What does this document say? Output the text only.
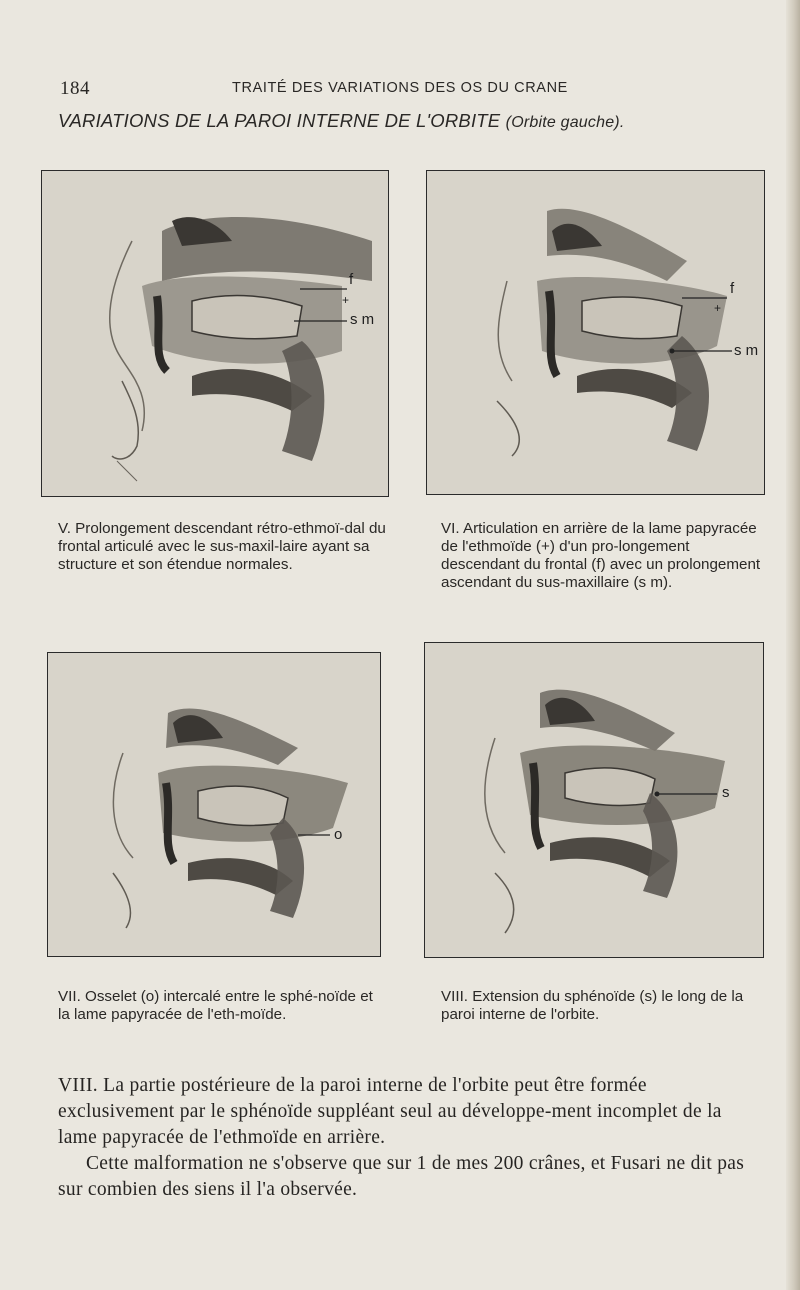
184	TRAITÉ DES VARIATIONS DES OS DU CRANE
VARIATIONS DE LA PAROI INTERNE DE L'ORBITE (Orbite gauche).
f
+
s m
V. Prolongement descendant rétro-ethmoï-dal du frontal articulé avec le sus-maxil-laire ayant sa structure et son étendue normales.
f
+
s m
VI. Articulation en arrière de la lame papyracée de l'ethmoïde (+) d'un pro-longement descendant du frontal (f) avec un prolongement ascendant du sus-maxillaire (s m).
o
VII. Osselet (o) intercalé entre le sphé-noïde et la lame papyracée de l'eth-moïde.
s
VIII. Extension du sphénoïde (s) le long de la paroi interne de l'orbite.

VIII. La partie postérieure de la paroi interne de l'orbite peut être formée exclusivement par le sphénoïde suppléant seul au développe-ment incomplet de la lame papyracée de l'ethmoïde en arrière.

Cette malformation ne s'observe que sur 1 de mes 200 crânes, et Fusari ne dit pas sur combien des siens il l'a observée.
